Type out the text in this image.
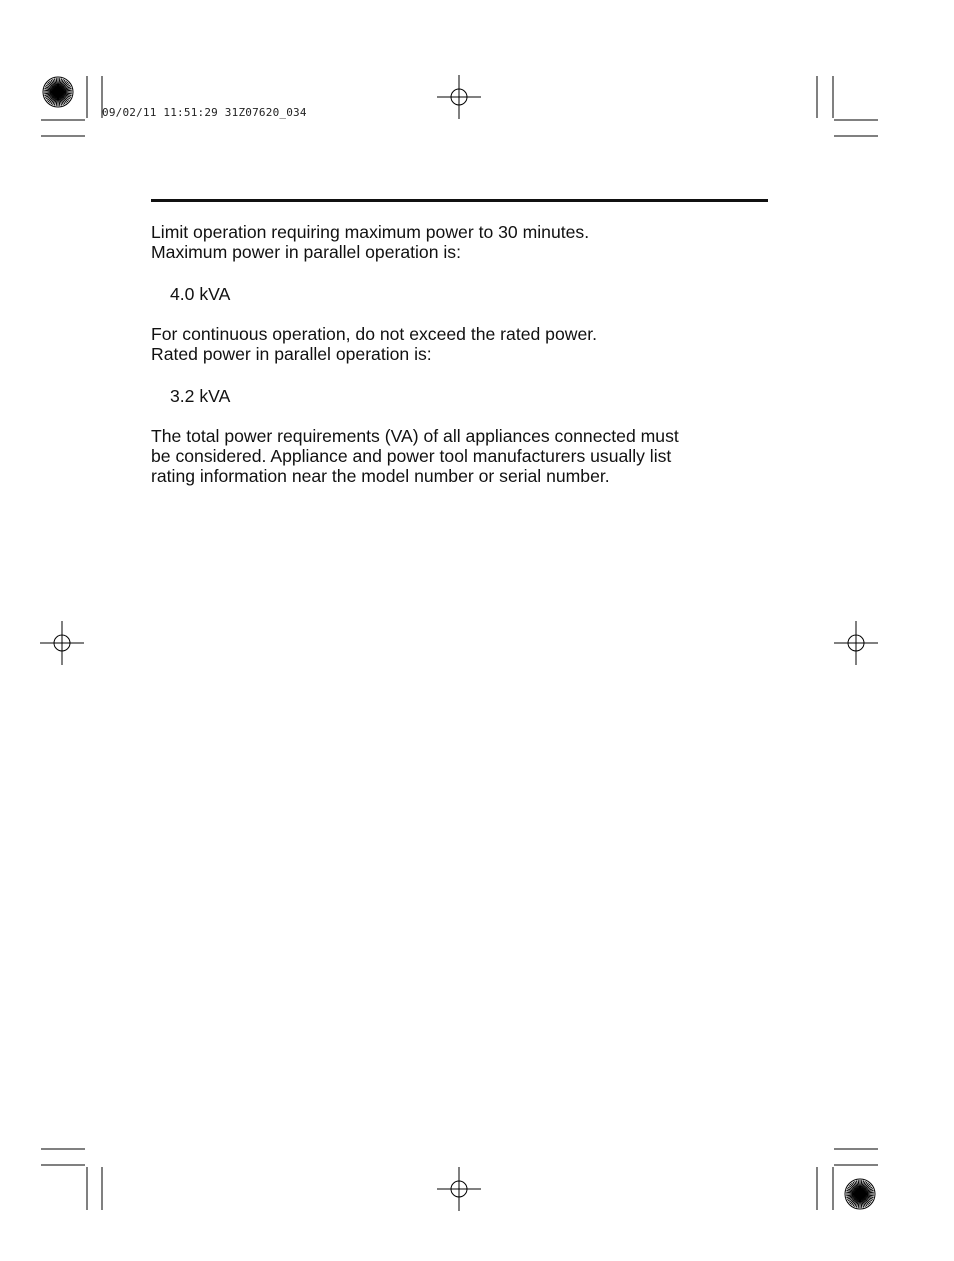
09/02/11 11:51:29 31Z07620_034
Limit operation requiring maximum power to 30 minutes.
Maximum power in parallel operation is:
4.0 kVA
For continuous operation, do not exceed the rated power.
Rated power in parallel operation is:
3.2 kVA
The total power requirements (VA) of all appliances connected must
be considered. Appliance and power tool manufacturers usually list
rating information near the model number or serial number.
